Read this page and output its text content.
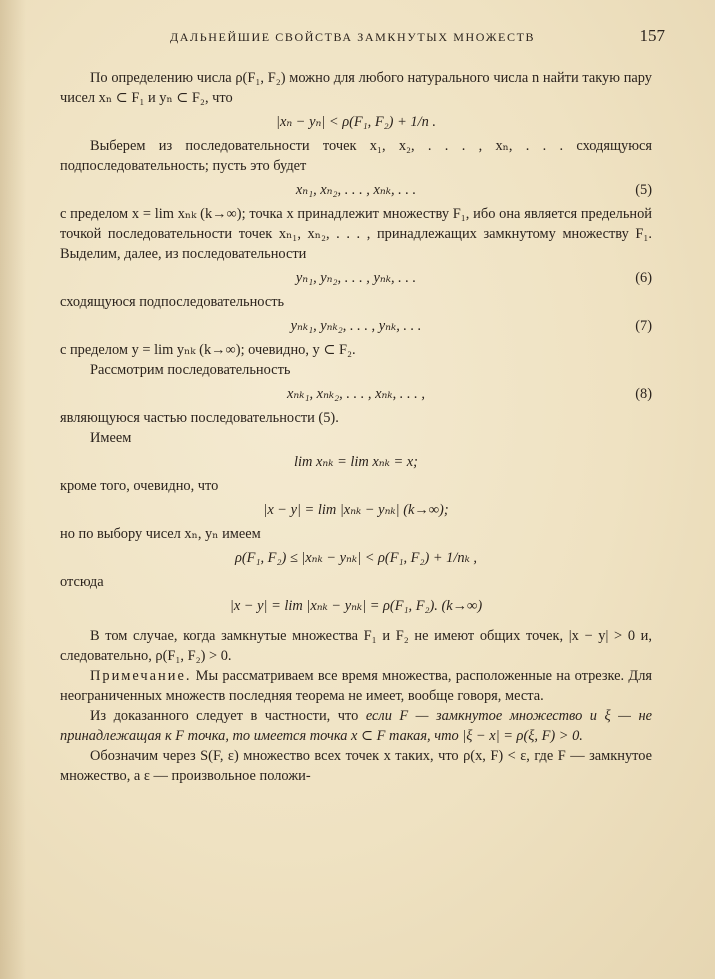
ДАЛЬНЕЙШИЕ СВОЙСТВА ЗАМКНУТЫХ МНОЖЕСТВ	157

По определению числа ρ(F₁, F₂) можно для любого натурального числа n найти такую пару чисел xₙ ⊂ F₁ и yₙ ⊂ F₂, что

|xₙ − yₙ| < ρ(F₁, F₂) + 1/n .

Выберем из последовательности точек x₁, x₂, . . . , xₙ, . . . сходящуюся подпоследовательность; пусть это будет

xₙ₁, xₙ₂, . . . , xₙₖ, . . .	(5)

с пределом x = lim xₙₖ (k→∞); точка x принадлежит множеству F₁, ибо она является предельной точкой последовательности точек xₙ₁, xₙ₂, . . . , принадлежащих замкнутому множеству F₁. Выделим, далее, из последовательности

yₙ₁, yₙ₂, . . . , yₙₖ, . . .	(6)

сходящуюся подпоследовательность

yₙₖ₁, yₙₖ₂, . . . , yₙₖ, . . .	(7)

с пределом y = lim yₙₖ (k→∞); очевидно, y ⊂ F₂.

Рассмотрим последовательность

xₙₖ₁, xₙₖ₂, . . . , xₙₖ, . . . ,	(8)

являющуюся частью последовательности (5).

Имеем

lim xₙₖ = lim xₙₖ = x;

кроме того, очевидно, что

|x − y| = lim |xₙₖ − yₙₖ| (k→∞);

но по выбору чисел xₙ, yₙ имеем

ρ(F₁, F₂) ≤ |xₙₖ − yₙₖ| < ρ(F₁, F₂) + 1/nₖ ,

отсюда

|x − y| = lim |xₙₖ − yₙₖ| = ρ(F₁, F₂). (k→∞)

В том случае, когда замкнутые множества F₁ и F₂ не имеют общих точек, |x − y| > 0 и, следовательно, ρ(F₁, F₂) > 0.

Примечание. Мы рассматриваем все время множества, расположенные на отрезке. Для неограниченных множеств последняя теорема не имеет, вообще говоря, места.

Из доказанного следует в частности, что если F — замкнутое множество и ξ — не принадлежащая к F точка, то имеется точка x ⊂ F такая, что |ξ − x| = ρ(ξ, F) > 0.

Обозначим через S(F, ε) множество всех точек x таких, что ρ(x, F) < ε, где F — замкнутое множество, а ε — произвольное положи-
